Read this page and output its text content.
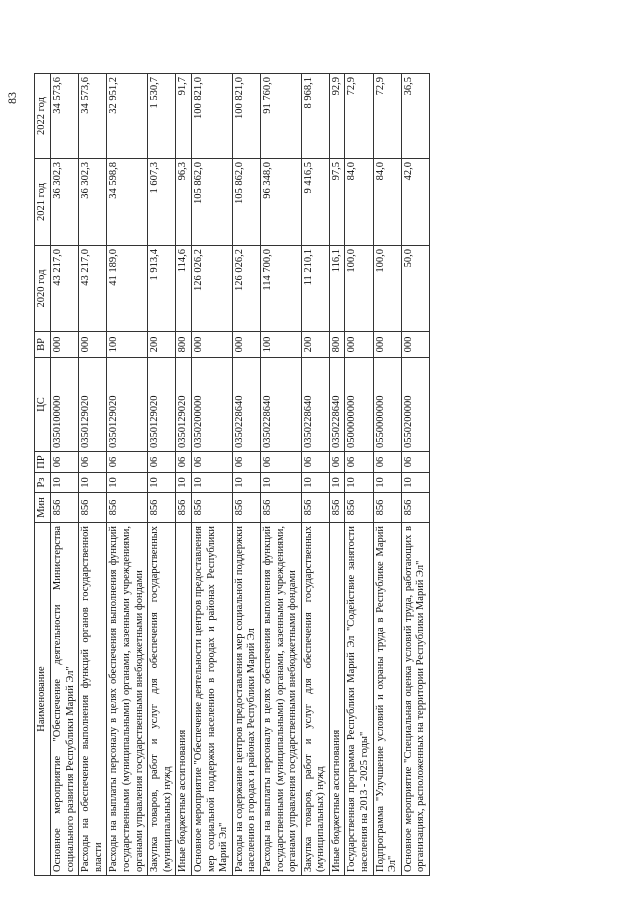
83
Наименование	Мин	Рз	ПР	ЦС	ВР	2020 год	2021 год	2022 год
Основное мероприятие "Обеспечение деятельности Министерства социального развития Республики Марий Эл"	856	10	06	0350100000	000	43 217,0	36 302,3	34 573,6
Расходы на обеспечение выполнения функций органов государственной власти	856	10	06	0350129020	000	43 217,0	36 302,3	34 573,6
Расходы на выплаты персоналу в целях обеспечения выполнения функций государственными (муниципальными) органами, казенными учреждениями, органами управления государственными внебюджетными фондами	856	10	06	0350129020	100	41 189,0	34 598,8	32 951,2
Закупка товаров, работ и услуг для обеспечения государственных (муниципальных) нужд	856	10	06	0350129020	200	1 913,4	1 607,3	1 530,7
Иные бюджетные ассигнования	856	10	06	0350129020	800	114,6	96,3	91,7
Основное мероприятие "Обеспечение деятельности центров предоставления мер социальной поддержки населению в городах и районах Республики Марий Эл"	856	10	06	0350200000	000	126 026,2	105 862,0	100 821,0
Расходы на содержание центров предоставления мер социальной поддержки населению в городах и районах Республики Марий Эл	856	10	06	0350228640	000	126 026,2	105 862,0	100 821,0
Расходы на выплаты персоналу в целях обеспечения выполнения функций государственными (муниципальными) органами, казенными учреждениями, органами управления государственными внебюджетными фондами	856	10	06	0350228640	100	114 700,0	96 348,0	91 760,0
Закупка товаров, работ и услуг для обеспечения государственных (муниципальных) нужд	856	10	06	0350228640	200	11 210,1	9 416,5	8 968,1
Иные бюджетные ассигнования	856	10	06	0350228640	800	116,1	97,5	92,9
Государственная программа Республики Марий Эл "Содействие занятости населения на 2013 - 2025 годы"	856	10	06	0500000000	000	100,0	84,0	72,9
Подпрограмма "Улучшение условий и охраны труда в Республике Марий Эл"	856	10	06	0550000000	000	100,0	84,0	72,9
Основное мероприятие "Специальная оценка условий труда, работающих в организациях, расположенных на территории Республики Марий Эл"	856	10	06	0550200000	000	50,0	42,0	36,5
